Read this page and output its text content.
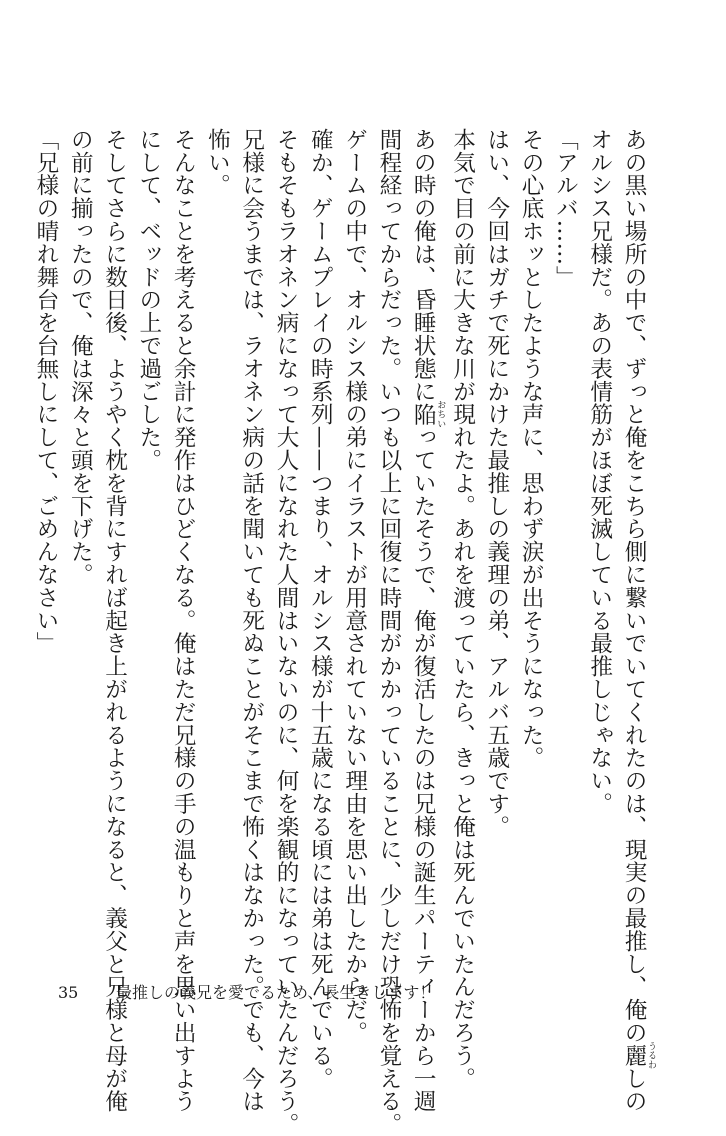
あの黒い場所の中で、ずっと俺をこちら側に繋いでいてくれたのは、現実の最推し、俺の麗 うるわしの
オルシス兄様だ。あの表情筋がほぼ死滅している最推しじゃない。
「アルバ……」
その心底ホッとしたような声に、思わず涙が出そうになった。
はい、今回はガチで死にかけた最推しの義理の弟、アルバ五歳です。
本気で目の前に大きな川が現れたよ。あれを渡っていたら、きっと俺は死んでいたんだろう。
あの時の俺は、昏睡状態に陥 おちいっていたそうで、俺が復活したのは兄様の誕生パーティーから一週
間程経ってからだった。いつも以上に回復に時間がかかっていることに、少しだけ恐怖を覚える。
ゲームの中で、オルシス様の弟にイラストが用意されていない理由を思い出したからだ。
確か、ゲームプレイの時系列——つまり、オルシス様が十五歳になる頃には弟は死んでいる。
そもそもラオネン病になって大人になれた人間はいないのに、何を楽観的になっていたんだろう。
兄様に会うまでは、ラオネン病の話を聞いても死ぬことがそこまで怖くはなかった。でも、今は
怖い。
そんなことを考えると余計に発作はひどくなる。俺はただ兄様の手の温もりと声を思い出すよう
にして、ベッドの上で過ごした。
そしてさらに数日後、ようやく枕を背にすれば起き上がれるようになると、義父と兄様と母が俺
の前に揃ったので、俺は深々と頭を下げた。
「兄様の晴れ舞台を台無しにして、ごめんなさい」
35 最推しの義兄を愛でるため、長生きします！
